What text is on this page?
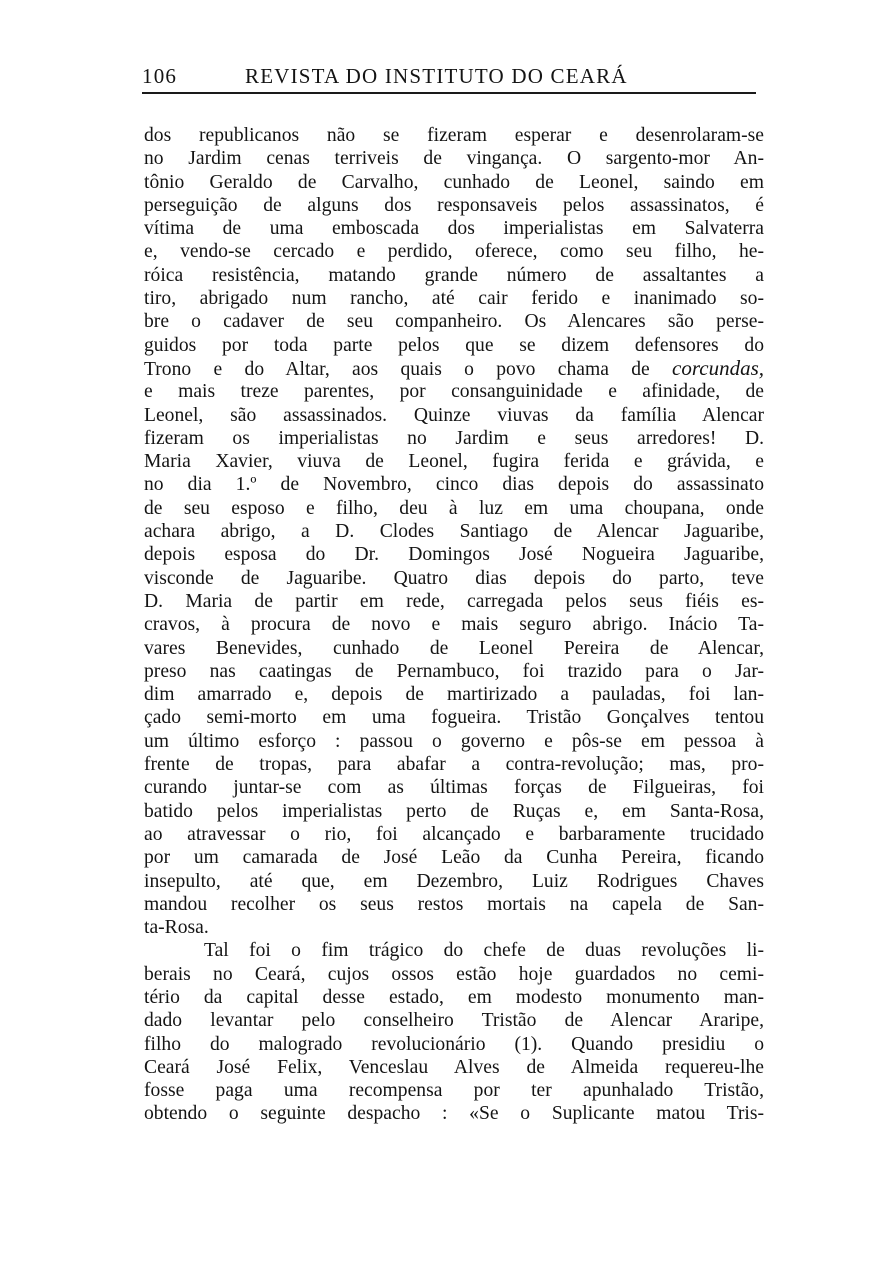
106	REVISTA DO INSTITUTO DO CEARÁ
dos republicanos não se fizeram esperar e desenrolaram-se
no Jardim cenas terriveis de vingança. O sargento-mor An-
tônio Geraldo de Carvalho, cunhado de Leonel, saindo em
perseguição de alguns dos responsaveis pelos assassinatos, é
vítima de uma emboscada dos imperialistas em Salvaterra
e, vendo-se cercado e perdido, oferece, como seu filho, he-
róica resistência, matando grande número de assaltantes a
tiro, abrigado num rancho, até cair ferido e inanimado so-
bre o cadaver de seu companheiro. Os Alencares são perse-
guidos por toda parte pelos que se dizem defensores do
Trono e do Altar, aos quais o povo chama de corcundas,
e mais treze parentes, por consanguinidade e afinidade, de
Leonel, são assassinados. Quinze viuvas da família Alencar
fizeram os imperialistas no Jardim e seus arredores! D.
Maria Xavier, viuva de Leonel, fugira ferida e grávida, e
no dia 1.º de Novembro, cinco dias depois do assassinato
de seu esposo e filho, deu à luz em uma choupana, onde
achara abrigo, a D. Clodes Santiago de Alencar Jaguaribe,
depois esposa do Dr. Domingos José Nogueira Jaguaribe,
visconde de Jaguaribe. Quatro dias depois do parto, teve
D. Maria de partir em rede, carregada pelos seus fiéis es-
cravos, à procura de novo e mais seguro abrigo. Inácio Ta-
vares Benevides, cunhado de Leonel Pereira de Alencar,
preso nas caatingas de Pernambuco, foi trazido para o Jar-
dim amarrado e, depois de martirizado a pauladas, foi lan-
çado semi-morto em uma fogueira. Tristão Gonçalves tentou
um último esforço : passou o governo e pôs-se em pessoa à
frente de tropas, para abafar a contra-revolução; mas, pro-
curando juntar-se com as últimas forças de Filgueiras, foi
batido pelos imperialistas perto de Ruças e, em Santa-Rosa,
ao atravessar o rio, foi alcançado e barbaramente trucidado
por um camarada de José Leão da Cunha Pereira, ficando
insepulto, até que, em Dezembro, Luiz Rodrigues Chaves
mandou recolher os seus restos mortais na capela de San-
ta-Rosa.
Tal foi o fim trágico do chefe de duas revoluções li-
berais no Ceará, cujos ossos estão hoje guardados no cemi-
tério da capital desse estado, em modesto monumento man-
dado levantar pelo conselheiro Tristão de Alencar Araripe,
filho do malogrado revolucionário (1). Quando presidiu o
Ceará José Felix, Venceslau Alves de Almeida requereu-lhe
fosse paga uma recompensa por ter apunhalado Tristão,
obtendo o seguinte despacho : «Se o Suplicante matou Tris-
